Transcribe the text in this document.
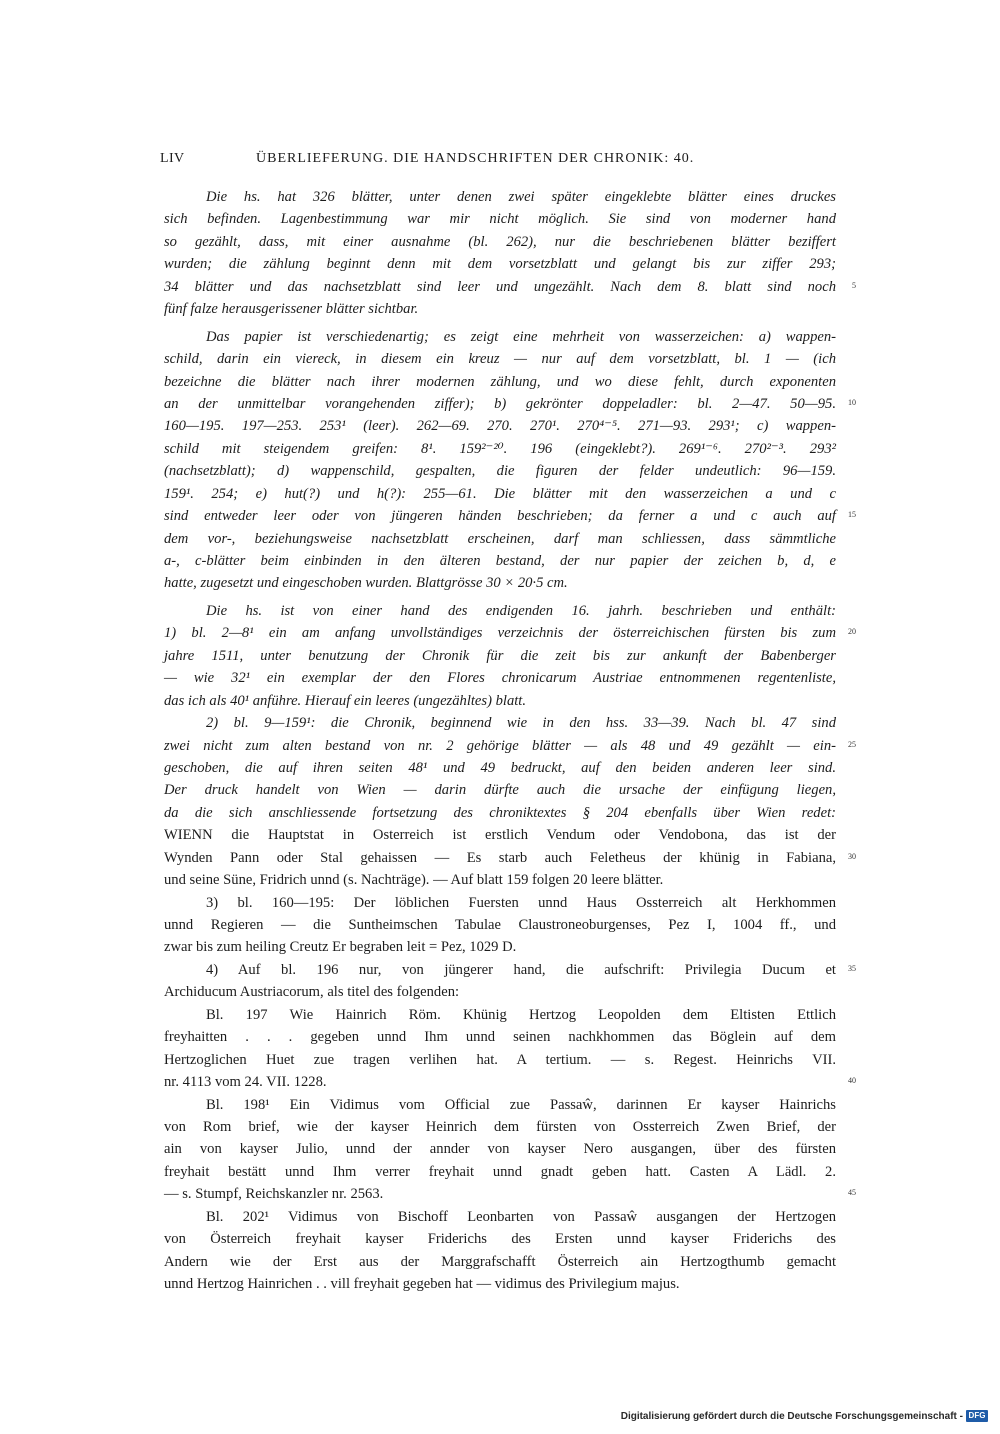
LIV	ÜBERLIEFERUNG. DIE HANDSCHRIFTEN DER CHRONIK: 40.
Die hs. hat 326 blätter, unter denen zwei später eingeklebte blätter eines druckes
sich befinden. Lagenbestimmung war mir nicht möglich. Sie sind von moderner hand
so gezählt, dass, mit einer ausnahme (bl. 262), nur die beschriebenen blätter beziffert
wurden; die zählung beginnt denn mit dem vorsetzblatt und gelangt bis zur ziffer 293;
34 blätter und das nachsetzblatt sind leer und ungezählt. Nach dem 8. blatt sind noch 5
fünf falze herausgerissener blätter sichtbar.
Das papier ist verschiedenartig; es zeigt eine mehrheit von wasserzeichen: a) wappen-
schild, darin ein viereck, in diesem ein kreuz — nur auf dem vorsetzblatt, bl. 1 — (ich
bezeichne die blätter nach ihrer modernen zählung, und wo diese fehlt, durch exponenten
an der unmittelbar vorangehenden ziffer); b) gekrönter doppeladler: bl. 2—47. 50—95. 10
160—195. 197—253. 253¹ (leer). 262—69. 270. 270¹. 270⁴⁻⁵. 271—93. 293¹; c) wappen-
schild mit steigendem greifen: 8¹. 159²⁻²⁰. 196 (eingeklebt?). 269¹⁻⁶. 270²⁻³. 293²
(nachsetzblatt); d) wappenschild, gespalten, die figuren der felder undeutlich: 96—159.
159¹. 254; e) hut(?) und h(?): 255—61. Die blätter mit den wasserzeichen a und c
sind entweder leer oder von jüngeren händen beschrieben; da ferner a und c auch auf 15
dem vor-, beziehungsweise nachsetzblatt erscheinen, darf man schliessen, dass sämmtliche
a-, c-blätter beim einbinden in den älteren bestand, der nur papier der zeichen b, d, e
hatte, zugesetzt und eingeschoben wurden. Blattgrösse 30 × 20·5 cm.
Die hs. ist von einer hand des endigenden 16. jahrh. beschrieben und enthält:
1) bl. 2—8¹ ein am anfang unvollständiges verzeichnis der österreichischen fürsten bis zum 20
jahre 1511, unter benutzung der Chronik für die zeit bis zur ankunft der Babenberger
— wie 32¹ ein exemplar der den Flores chronicarum Austriae entnommenen regentenliste,
das ich als 40¹ anführe. Hierauf ein leeres (ungezähltes) blatt.
2) bl. 9—159¹: die Chronik, beginnend wie in den hss. 33—39. Nach bl. 47 sind
zwei nicht zum alten bestand von nr. 2 gehörige blätter — als 48 und 49 gezählt — ein- 25
geschoben, die auf ihren seiten 48¹ und 49 bedruckt, auf den beiden anderen leer sind.
Der druck handelt von Wien — darin dürfte auch die ursache der einfügung liegen,
da die sich anschliessende fortsetzung des chroniktextes § 204 ebenfalls über Wien redet:
WIENN die Hauptstat in Osterreich ist erstlich Vendum oder Vendobona, das ist der
Wynden Pann oder Stal gehaissen — Es starb auch Feletheus der khünig in Fabiana, 30
und seine Süne, Fridrich unnd (s. Nachträge). — Auf blatt 159 folgen 20 leere blätter.
3) bl. 160—195: Der löblichen Fuersten unnd Haus Ossterreich alt Herkhommen
unnd Regieren — die Suntheimschen Tabulae Claustroneoburgenses, Pez I, 1004 ff., und
zwar bis zum heiling Creutz Er begraben leit = Pez, 1029 D.
4) Auf bl. 196 nur, von jüngerer hand, die aufschrift: Privilegia Ducum et 35
Archiducum Austriacorum, als titel des folgenden:
Bl. 197 Wie Hainrich Röm. Khünig Hertzog Leopolden dem Eltisten Ettlich
freyhaitten . . . gegeben unnd Ihm unnd seinen nachkhommen das Böglein auf dem
Hertzoglichen Huet zue tragen verlihen hat. A tertium. — s. Regest. Heinrichs VII.
nr. 4113 vom 24. VII. 1228.	40
Bl. 198¹ Ein Vidimus vom Official zue Passaŵ, darinnen Er kayser Hainrichs
von Rom brief, wie der kayser Heinrich dem fürsten von Ossterreich Zwen Brief, der
ain von kayser Julio, unnd der annder von kayser Nero ausgangen, über des fürsten
freyhait bestätt unnd Ihm verrer freyhait unnd gnadt geben hatt. Casten A Lädl. 2.
— s. Stumpf, Reichskanzler nr. 2563.	45
Bl. 202¹ Vidimus von Bischoff Leonbarten von Passaŵ ausgangen der Hertzogen
von Österreich freyhait kayser Friderichs des Ersten unnd kayser Friderichs des
Andern wie der Erst aus der Marggrafschafft Österreich ain Hertzogthumb gemacht
unnd Hertzog Hainrichen . . vill freyhait gegeben hat — vidimus des Privilegium majus.
Digitalisierung gefördert durch die Deutsche Forschungsgemeinschaft - DFG
